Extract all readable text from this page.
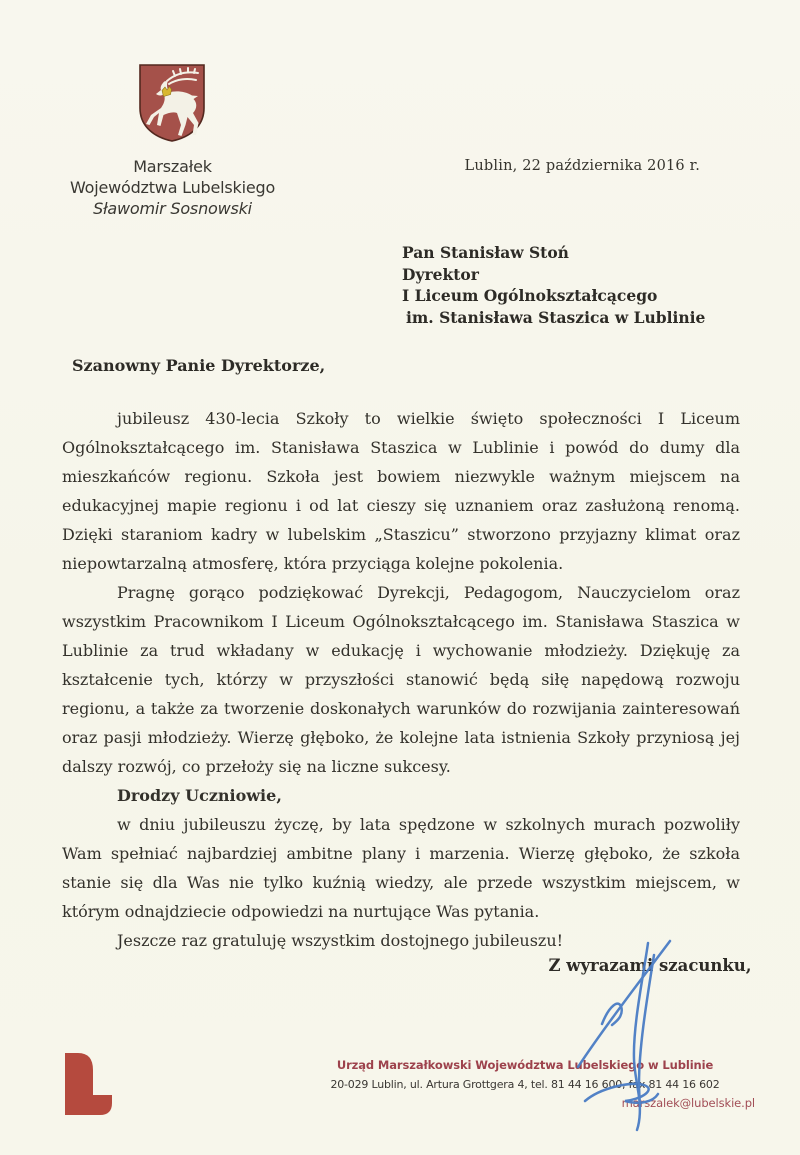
Marszałek
Województwa Lubelskiego
Sławomir Sosnowski
Lublin, 22 października 2016 r.
Pan Stanisław Stoń
Dyrektor
I Liceum Ogólnokształcącego
im. Stanisława Staszica w Lublinie
Szanowny Panie Dyrektorze,

jubileusz 430-lecia Szkoły to wielkie święto społeczności I Liceum Ogólnokształcącego im. Stanisława Staszica w Lublinie i powód do dumy dla mieszkańców regionu. Szkoła jest bowiem niezwykle ważnym miejscem na edukacyjnej mapie regionu i od lat cieszy się uznaniem oraz zasłużoną renomą. Dzięki staraniom kadry w lubelskim „Staszicu” stworzono przyjazny klimat oraz niepowtarzalną atmosferę, która przyciąga kolejne pokolenia.

Pragnę gorąco podziękować Dyrekcji, Pedagogom, Nauczycielom oraz wszystkim Pracownikom I Liceum Ogólnokształcącego im. Stanisława Staszica w Lublinie za trud wkładany w edukację i wychowanie młodzieży. Dziękuję za kształcenie tych, którzy w przyszłości stanowić będą siłę napędową rozwoju regionu, a także za tworzenie doskonałych warunków do rozwijania zainteresowań oraz pasji młodzieży. Wierzę głęboko, że kolejne lata istnienia Szkoły przyniosą jej dalszy rozwój, co przełoży się na liczne sukcesy.

Drodzy Uczniowie,

w dniu jubileuszu życzę, by lata spędzone w szkolnych murach pozwoliły Wam spełniać najbardziej ambitne plany i marzenia. Wierzę głęboko, że szkoła stanie się dla Was nie tylko kuźnią wiedzy, ale przede wszystkim miejscem, w którym odnajdziecie odpowiedzi na nurtujące Was pytania.

Jeszcze raz gratuluję wszystkim dostojnego jubileuszu!

Z wyrazami szacunku,
Urząd Marszałkowski Województwa Lubelskiego w Lublinie
20-029 Lublin, ul. Artura Grottgera 4, tel. 81 44 16 600, fax 81 44 16 602
marszalek@lubelskie.pl
